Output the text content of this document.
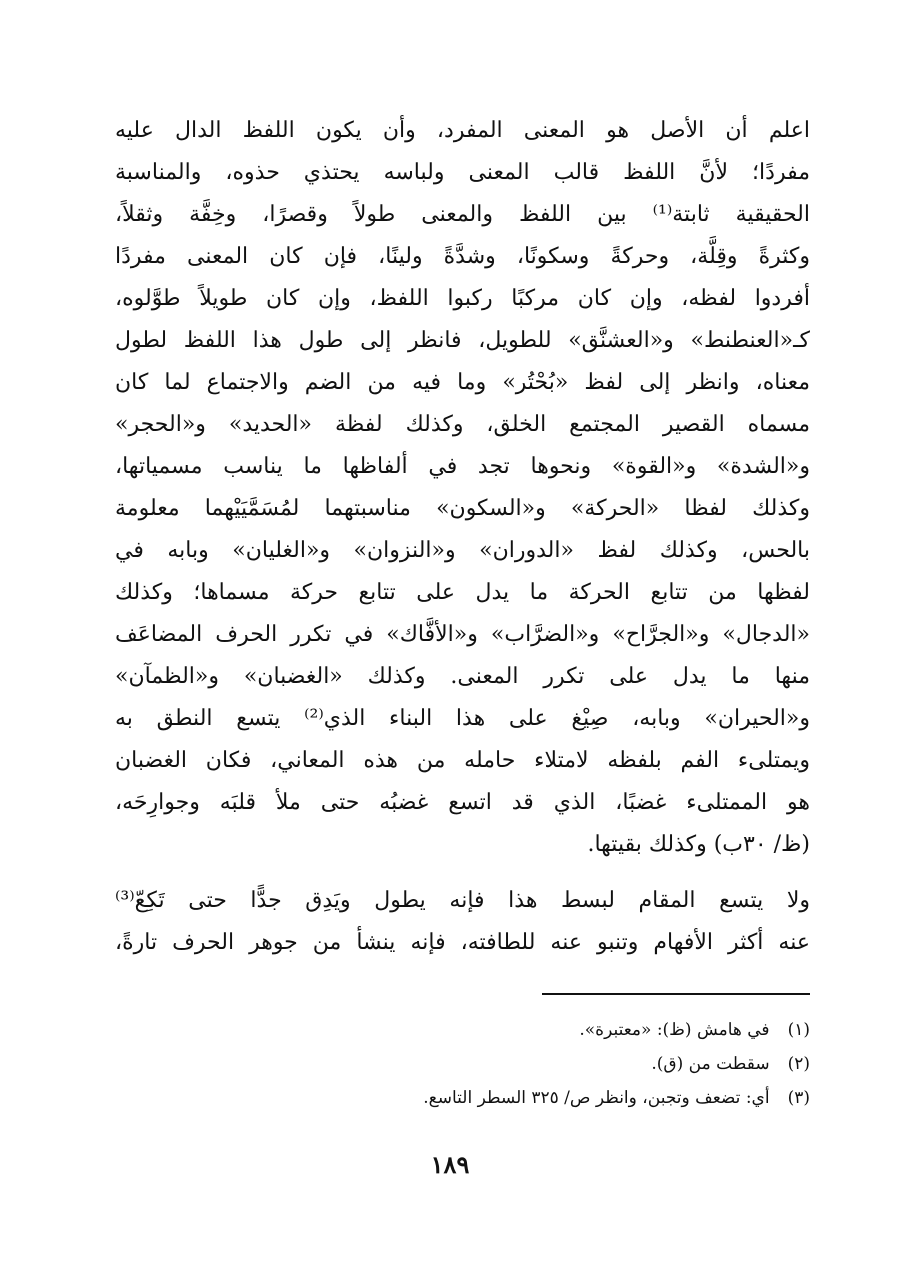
اعلم أن الأصل هو المعنى المفرد، وأن يكون اللفظ الدال عليه
مفردًا؛ لأنَّ اللفظ قالب المعنى ولباسه يحتذي حذوه، والمناسبة
الحقيقية ثابتة⁽¹⁾ بين اللفظ والمعنى طولاً وقصرًا، وخِفَّة وثقلاً،
وكثرةً وقِلَّة، وحركةً وسكونًا، وشدَّةً ولينًا، فإن كان المعنى مفردًا
أفردوا لفظه، وإن كان مركبًا ركبوا اللفظ، وإن كان طويلاً طوَّلوه،
كـ«العنطنط» و«العشنَّق» للطويل، فانظر إلى طول هذا اللفظ لطول
معناه، وانظر إلى لفظ «بُحْتُر» وما فيه من الضم والاجتماع لما كان
مسماه القصير المجتمع الخلق، وكذلك لفظة «الحديد» و«الحجر»
و«الشدة» و«القوة» ونحوها تجد في ألفاظها ما يناسب مسمياتها،
وكذلك لفظا «الحركة» و«السكون» مناسبتهما لمُسَمَّيَيْهما معلومة
بالحس، وكذلك لفظ «الدوران» و«النزوان» و«الغليان» وبابه في
لفظها من تتابع الحركة ما يدل على تتابع حركة مسماها؛ وكذلك
«الدجال» و«الجرَّاح» و«الضرَّاب» و«الأفَّاك» في تكرر الحرف المضاعَف
منها ما يدل على تكرر المعنى. وكذلك «الغضبان» و«الظمآن»
و«الحيران» وبابه، صِيْغ على هذا البناء الذي⁽²⁾ يتسع النطق به
ويمتلىء الفم بلفظه لامتلاء حامله من هذه المعاني، فكان الغضبان
هو الممتلىء غضبًا، الذي قد اتسع غضبُه حتى ملأ قلبَه وجوارِحَه،
(ظ/ ٣٠ب) وكذلك بقيتها.
ولا يتسع المقام لبسط هذا فإنه يطول ويَدِق جدًّا حتى تَكِعّ⁽³⁾
عنه أكثر الأفهام وتنبو عنه للطافته، فإنه ينشأ من جوهر الحرف تارةً،
(١)في هامش (ظ): «معتبرة».
(٢)سقطت من (ق).
(٣)أي: تضعف وتجبن، وانظر ص/ ٣٢٥ السطر التاسع.
١٨٩
